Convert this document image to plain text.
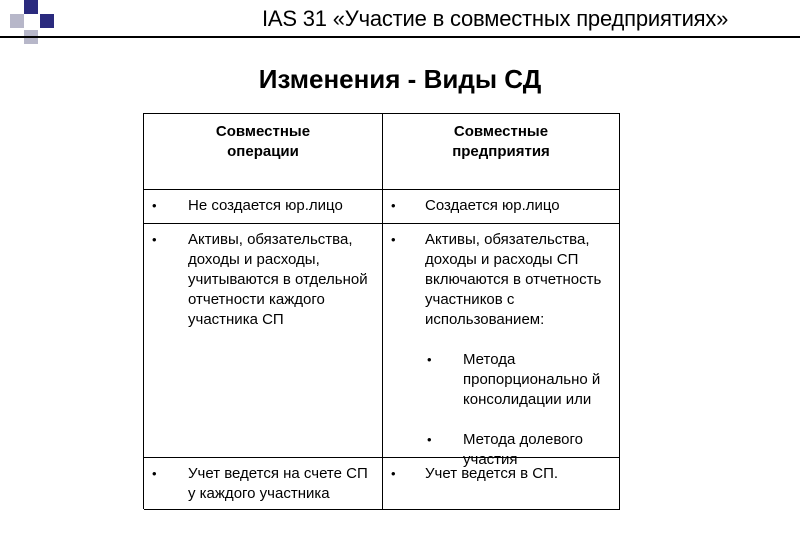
IAS 31 «Участие в совместных предприятиях»
Изменения - Виды СД
Совместные операции
Совместные предприятия
• Не создается юр.лицо	• Создается юр.лицо
• Активы, обязательства, доходы и расходы, учитываются в отдельной отчетности каждого участника СП
• Активы, обязательства, доходы и расходы СП включаются в отчетность участников с использованием:
• Метода пропорционально й консолидации или
• Метода долевого участия
• Учет ведется на счете СП у каждого участника
• Учет ведется в СП.
